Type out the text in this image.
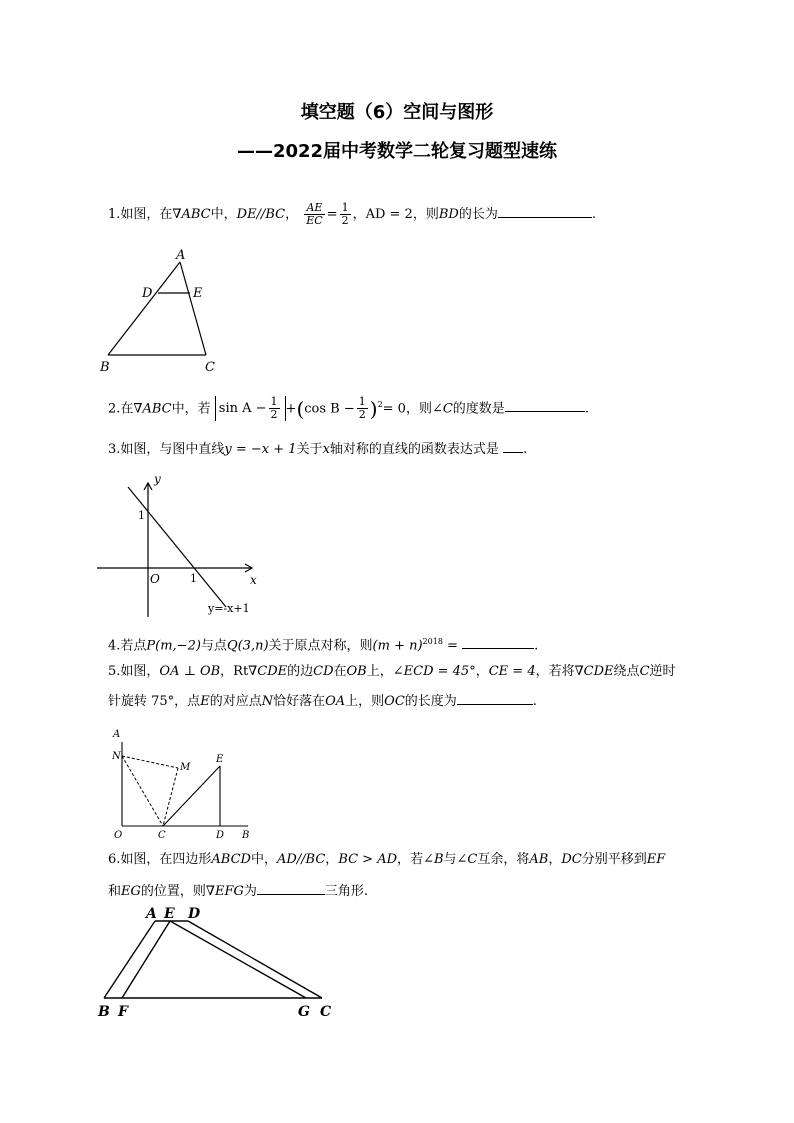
填空题（6）空间与图形
——2022届中考数学二轮复习题型速练
1.如图，在∇ABC中，DE//BC， $\frac{AE}{EC} = \frac{1}{2}$ ，AD = 2，则BD的长为	.
A
D	E
B	C
2.在∇ABC中，若 $\sin A - \frac{1}{2} +(\cos$ $B - \frac{1}{2} )^2= 0$，则∠C的度数是	.
3.如图，与图中直线y = −x + 1关于x轴对称的直线的函数表达式是 .
y
x
O
1
1
y=-x+1
4.若点P(m,−2)与点Q(3,n)关于原点对称，则$(m + n)^{2018}$ =	.
5.如图，OA ⊥ OB，Rt∇CDE的边CD在OB上，∠ECD = 45°，CE = 4，若将∇CDE绕点C逆时
针旋转 75°，点E的对应点N恰好落在OA上，则OC的长度为	.
A
N
M
E
O	C	D B
6.如图，在四边形ABCD中，AD//BC，BC > AD，若∠B与∠C互余，将AB，DC分别平移到EF
和EG的位置，则∇EFG为	三角形.
A E D
B F	G C
